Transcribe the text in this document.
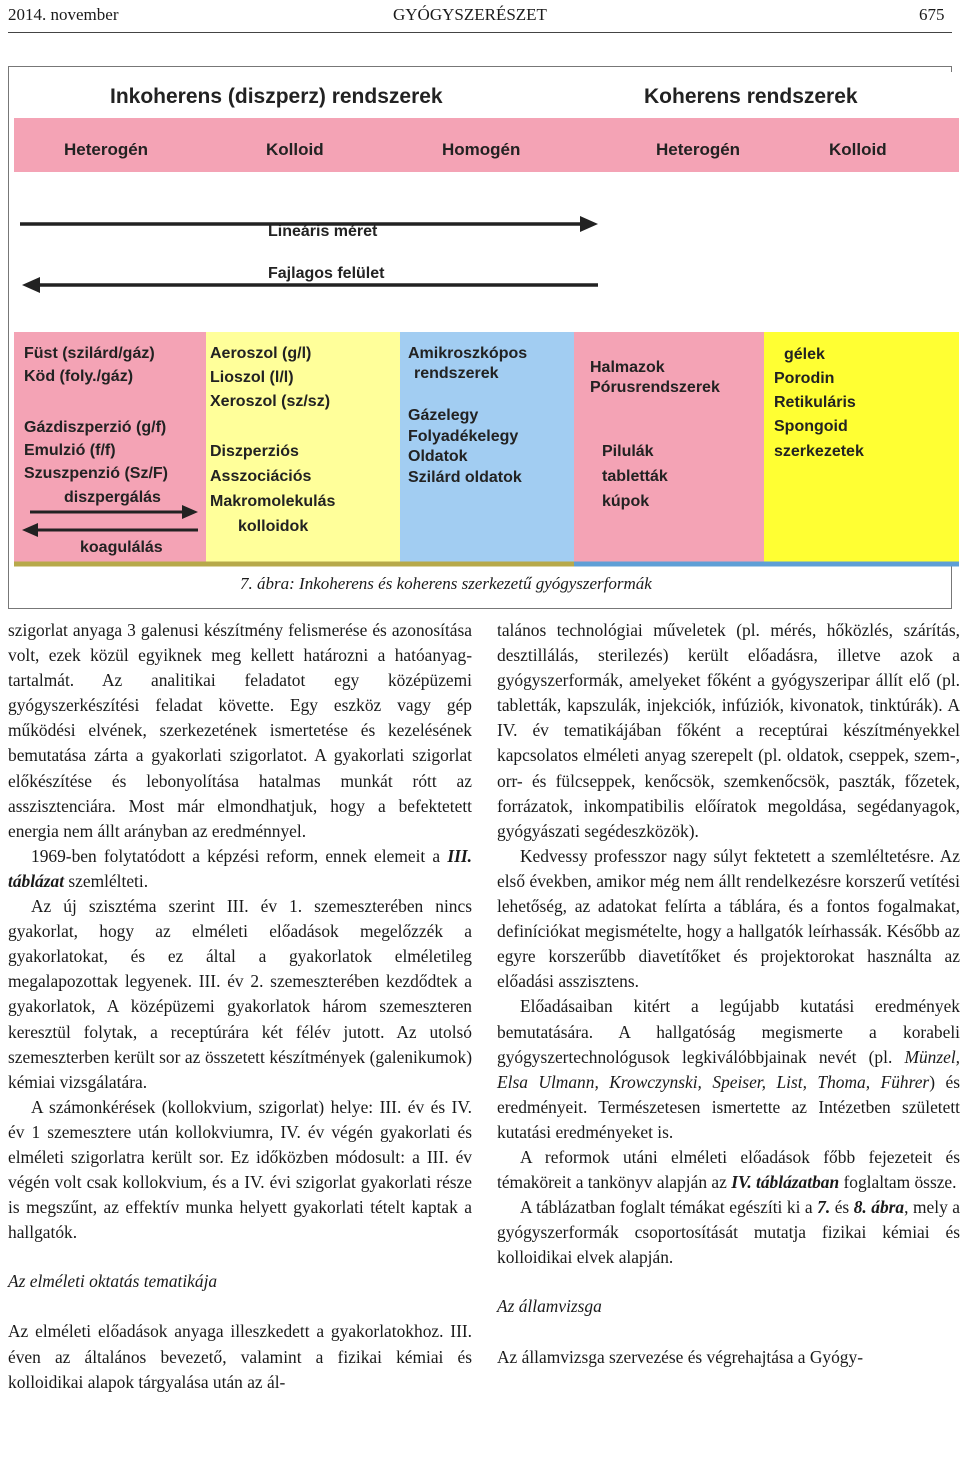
2014. november	GYÓGYSZERÉSZET	675
Inkoherens (diszperz) rendszerek	Koherens rendszerek
Heterogén	Kolloid	Homogén	Heterogén	Kolloid
Lineáris méret
Fajlagos felület
Füst (szilárd/gáz)
Köd (foly./gáz)
Gázdiszperzió (g/f)
Emulzió (f/f)
Szuszpenzió (Sz/F)
diszpergálás
koagulálás
Aeroszol (g/l)
Lioszol (l/l)
Xeroszol (sz/sz)
Diszperziós
Asszociációs
Makromolekulás
kolloidok
Amikroszkópos
rendszerek
Gázelegy
Folyadékelegy
Oldatok
Szilárd oldatok
Halmazok
Pórusrendszerek
Pilulák
tabletták
kúpok
gélek
Porodin
Retikuláris
Spongoid
szerkezetek
7. ábra: Inkoherens és koherens szerkezetű gyógyszerformák

szigorlat anyaga 3 galenusi készítmény felismerése és azonosítása volt, ezek közül egyiknek meg kellett határozni a hatóanyag-tartalmát. Az analitikai feladatot egy középüzemi gyógyszerkészítési feladat követte. Egy eszköz vagy gép működési elvének, szerkezetének ismertetése és kezelésének bemutatása zárta a gyakorlati szigorlatot. A gyakorlati szigorlat előkészítése és lebonyolítása hatalmas munkát rótt az asszisztenciára. Most már elmondhatjuk, hogy a befektetett energia nem állt arányban az eredménnyel.

1969-ben folytatódott a képzési reform, ennek elemeit a III. táblázat szemlélteti.

Az új szisztéma szerint III. év 1. szemeszterében nincs gyakorlat, hogy az elméleti előadások megelőzzék a gyakorlatokat, és ez által a gyakorlatok elméletileg megalapozottak legyenek. III. év 2. szemeszterében kezdődtek a gyakorlatok, A középüzemi gyakorlatok három szemeszteren keresztül folytak, a receptúrára két félév jutott. Az utolsó szemeszterben került sor az összetett készítmények (galenikumok) kémiai vizsgálatára.

A számonkérések (kollokvium, szigorlat) helye: III. év és IV. év 1 szemesztere után kollokviumra, IV. év végén gyakorlati és elméleti szigorlatra került sor. Ez időközben módosult: a III. év végén volt csak kollokvium, és a IV. évi szigorlat gyakorlati része is megszűnt, az effektív munka helyett gyakorlati tételt kaptak a hallgatók.

Az elméleti oktatás tematikája

Az elméleti előadások anyaga illeszkedett a gyakorlatokhoz. III. éven az általános bevezető, valamint a fizikai kémiai és kolloidikai alapok tárgyalása után az ál-

talános technológiai műveletek (pl. mérés, hőközlés, szárítás, desztillálás, sterilezés) került előadásra, illetve azok a gyógyszerformák, amelyeket főként a gyógyszeripar állít elő (pl. tabletták, kapszulák, injekciók, infúziók, kivonatok, tinktúrák). A IV. év tematikájában főként a receptúrai készítményekkel kapcsolatos elméleti anyag szerepelt (pl. oldatok, cseppek, szem-, orr- és fülcseppek, kenőcsök, szemkenőcsök, paszták, főzetek, forrázatok, inkompatibilis előíratok megoldása, segédanyagok, gyógyászati segédeszközök).

Kedvessy professzor nagy súlyt fektetett a szemléltetésre. Az első években, amikor még nem állt rendelkezésre korszerű vetítési lehetőség, az adatokat felírta a táblára, és a fontos fogalmakat, definíciókat megismételte, hogy a hallgatók leírhassák. Később az egyre korszerűbb diavetítőket és projektorokat használta az előadási asszisztens.

Előadásaiban kitért a legújabb kutatási eredmények bemutatására. A hallgatóság megismerte a korabeli gyógyszertechnológusok legkiválóbbjainak nevét (pl. Münzel, Elsa Ulmann, Krowczynski, Speiser, List, Thoma, Führer) és eredményeit. Természetesen ismertette az Intézetben született kutatási eredményeket is.

A reformok utáni elméleti előadások főbb fejezeteit és témaköreit a tankönyv alapján az IV. táblázatban foglaltam össze.

A táblázatban foglalt témákat egészíti ki a 7. és 8. ábra, mely a gyógyszerformák csoportosítását mutatja fizikai kémiai és kolloidikai elvek alapján.

Az államvizsga

Az államvizsga szervezése és végrehajtása a Gyógy-
